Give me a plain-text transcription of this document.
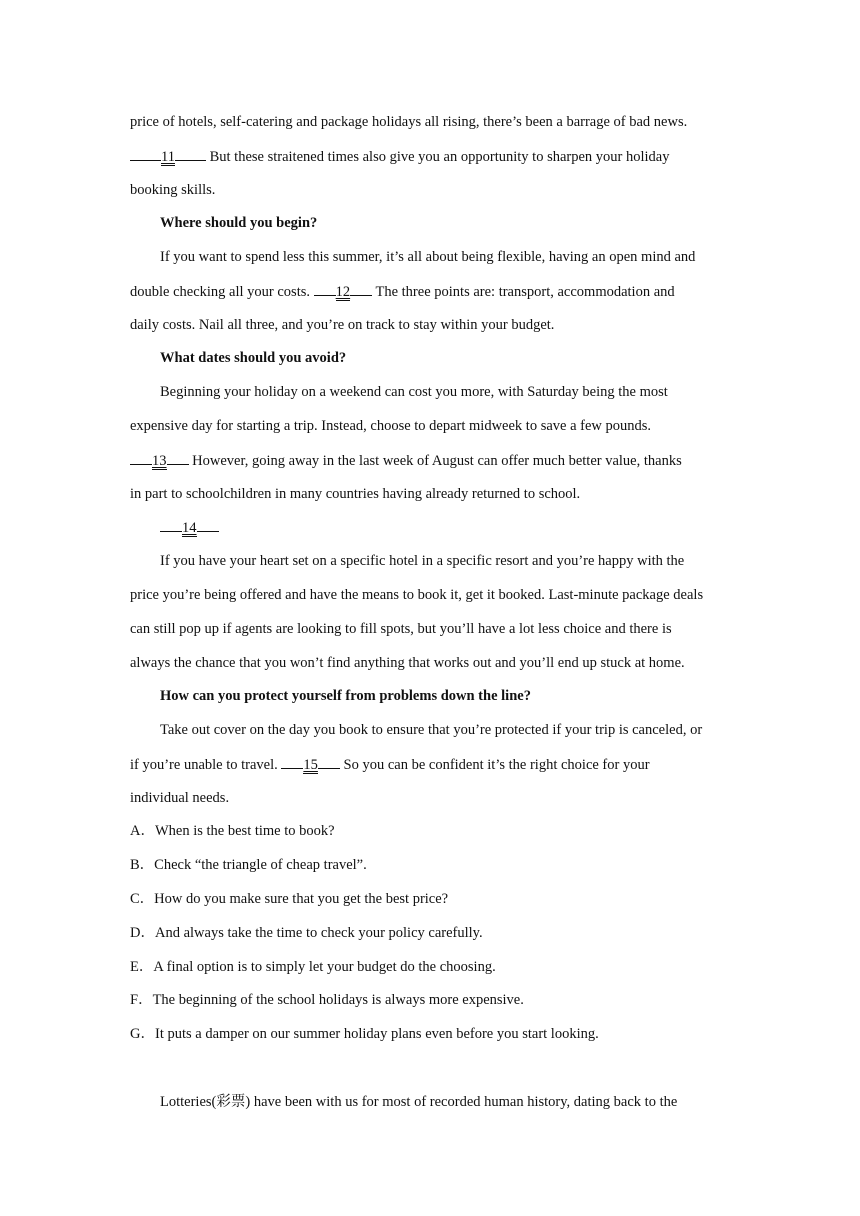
price of hotels, self-catering and package holidays all rising, there’s been a barrage of bad news.
11 But these straitened times also give you an opportunity to sharpen your holiday
booking skills.
Where should you begin?
If you want to spend less this summer, it’s all about being flexible, having an open mind and
double checking all your costs. 12 The three points are: transport, accommodation and
daily costs. Nail all three, and you’re on track to stay within your budget.
What dates should you avoid?
Beginning your holiday on a weekend can cost you more, with Saturday being the most
expensive day for starting a trip. Instead, choose to depart midweek to save a few pounds.
13 However, going away in the last week of August can offer much better value, thanks
in part to schoolchildren in many countries having already returned to school.
14
If you have your heart set on a specific hotel in a specific resort and you’re happy with the
price you’re being offered and have the means to book it, get it booked. Last-minute package deals
can still pop up if agents are looking to fill spots, but you’ll have a lot less choice and there is
always the chance that you won’t find anything that works out and you’ll end up stuck at home.
How can you protect yourself from problems down the line?
Take out cover on the day you book to ensure that you’re protected if your trip is canceled, or
if you’re unable to travel. 15 So you can be confident it’s the right choice for your
individual needs.
A．When is the best time to book?
B．Check “the triangle of cheap travel”.
C．How do you make sure that you get the best price?
D．And always take the time to check your policy carefully.
E．A final option is to simply let your budget do the choosing.
F．The beginning of the school holidays is always more expensive.
G．It puts a damper on our summer holiday plans even before you start looking.
Lotteries(彩票) have been with us for most of recorded human history, dating back to the
